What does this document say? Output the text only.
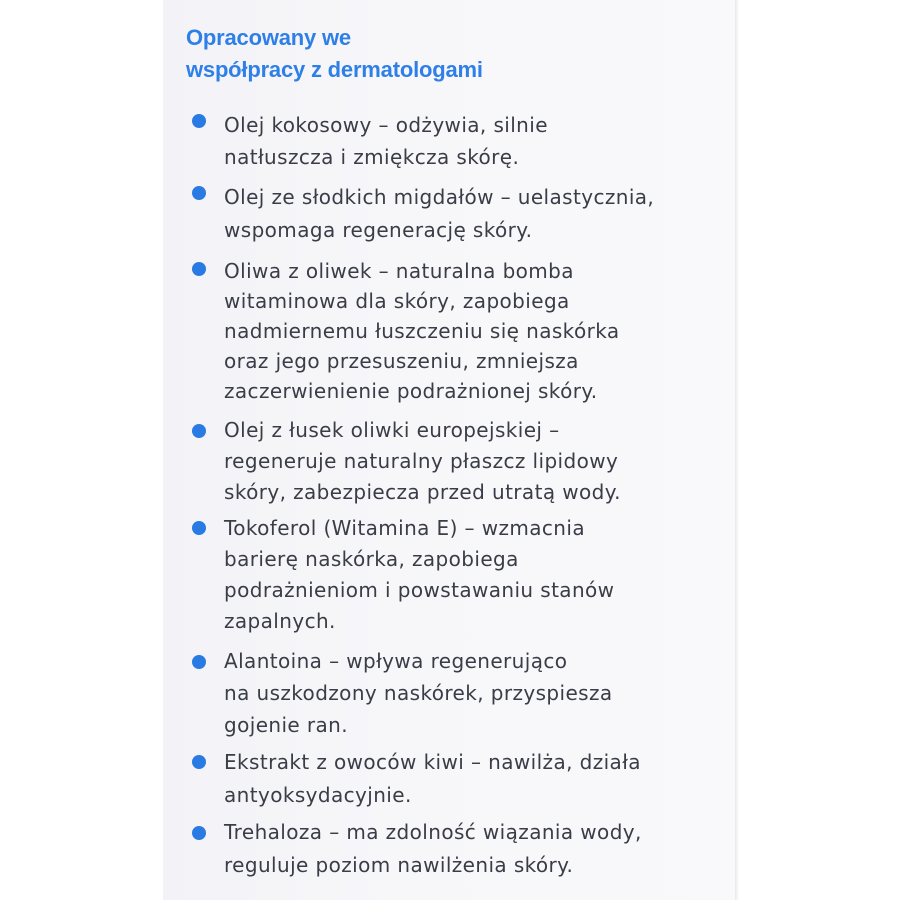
Opracowany we
współpracy z dermatologami

Olej kokosowy – odżywia, silnie
natłuszcza i zmiękcza skórę.

Olej ze słodkich migdałów – uelastycznia,
wspomaga regenerację skóry.

Oliwa z oliwek – naturalna bomba
witaminowa dla skóry, zapobiega
nadmiernemu łuszczeniu się naskórka
oraz jego przesuszeniu, zmniejsza
zaczerwienienie podrażnionej skóry.

Olej z łusek oliwki europejskiej –
regeneruje naturalny płaszcz lipidowy
skóry, zabezpiecza przed utratą wody.

Tokoferol (Witamina E) – wzmacnia
barierę naskórka, zapobiega
podrażnieniom i powstawaniu stanów
zapalnych.

Alantoina – wpływa regenerująco
na uszkodzony naskórek, przyspiesza
gojenie ran.

Ekstrakt z owoców kiwi – nawilża, działa
antyoksydacyjnie.

Trehaloza – ma zdolność wiązania wody,
reguluje poziom nawilżenia skóry.
